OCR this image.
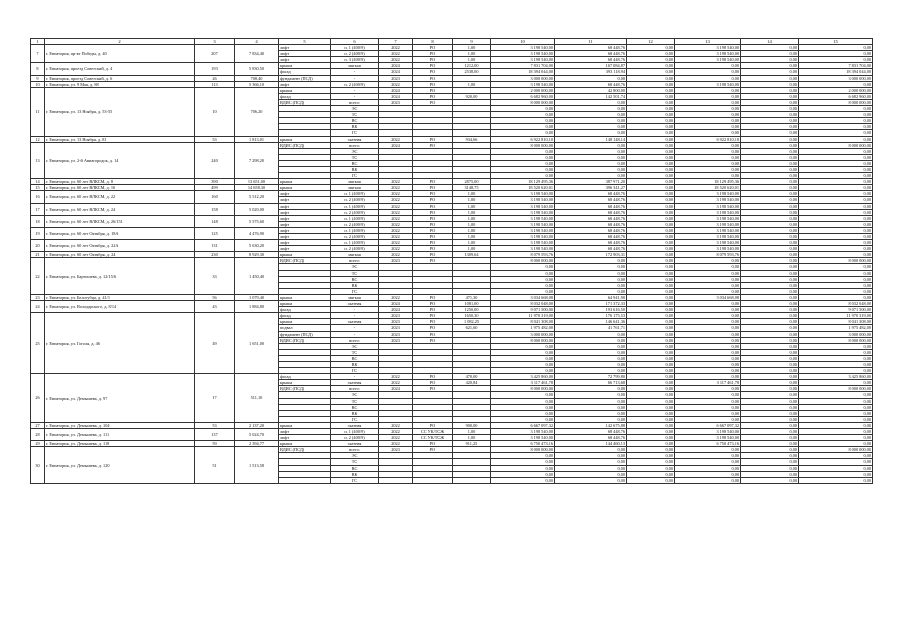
1	2	3	4	5	6	7	8	9	10	11	12	13	14	15
7	г. Евпатория, пр-кт Победы, д. 40	207	7 834,40	лифт	п. 1 (400/9)	2022	РО	1,00	3 198 540,00	68 448,76	0,00	3 198 540,00	0,00	0,00
				лифт	п. 2 (400/9)	2022	РО	1,00	3 198 540,00	68 448,76	0,00	3 198 540,00	0,00	0,00
				лифт	п. 3 (400/9)	2022	РО	1,00	3 198 540,00	68 448,76	0,00	3 198 540,00	0,00	0,00
8	г. Евпатория, проезд Советский, д. 4	193	5 830,50	крыша	мягкая	2024	РО	1212,00	7 831 704,00	167 084,87	0,00	0,00	0,00	7 831 704,00
				фасад	-	2024	РО	2538,00	18 394 044,00	393 118,94	0,00	0,00	0,00	18 394 044,00
9	г. Евпатория, проезд Советский, д. 6	26	708,40	фундамент (ПСД)	-	2023	РО		3 000 000,00	0,00	0,00	0,00	0,00	3 000 000,00
10	г. Евпатория, ул. 9 Мая, д. 88	113	5 366,10	лифт	п. 2 (400/9)	2022	РО	1,00	3 198 540,00	68 448,76	0,00	3 198 540,00	0,00	0,00
11	г. Евпатория, ул. 13 Ноября, д. 53-55	10	706,20	крыша	-	2024	РО		2 000 000,00	42 800,00	0,00	0,00	0,00	2 000 000,00
				фасад	-	2024	РО	920,00	6 682 960,00	142 501,74	0,00	0,00	0,00	6 682 960,00
				ВДИС (ПСД)	всего:	2023	РО		8 000 000,00	0,00	0,00	0,00	0,00	8 000 000,00
					ЭС				0,00	0,00	0,00	0,00	0,00	0,00
					ТС				0,00	0,00	0,00	0,00	0,00	0,00
					ВС				0,00	0,00	0,00	0,00	0,00	0,00
					ВК				0,00	0,00	0,00	0,00	0,00	0,00
					ГС				0,00	0,00	0,00	0,00	0,00	0,00
12	г. Евпатория, ул. 13 Ноября, д. 81	53	1 813,01	крыша	скатная	2022	РО	934,66	6 922 810,10	148 148,14	0,00	6 922 810,10	0,00	0,00
13	г. Евпатория, ул. 2-й Авиагородок, д. 14	240	7 298,20	ВДИС (ПСД)	всего:	2024	РО		8 000 000,00	0,00	0,00	0,00	0,00	8 000 000,00
					ЭС				0,00	0,00	0,00	0,00	0,00	0,00
					ТС				0,00	0,00	0,00	0,00	0,00	0,00
					ВС				0,00	0,00	0,00	0,00	0,00	0,00
					ВК				0,00	0,00	0,00	0,00	0,00	0,00
					ГС				0,00	0,00	0,00	0,00	0,00	0,00
14	г. Евпатория, ул. 60 лет ВЛКСМ, д. 8	390	13 651,00	крыша	мягкая	2022	РО	2875,00	18 129 495,36	387 971,20	0,00	18 129 495,36	0,00	0,00
15	г. Евпатория, ул. 60 лет ВЛКСМ, д. 16	499	14 658,30	крыша	мягкая	2022	РО	3148,75	18 520 620,01	396 341,27	0,00	18 520 620,01	0,00	0,00
16	г. Евпатория, ул. 60 лет ВЛКСМ, д. 22	160	5 512,20	лифт	п. 1 (400/9)	2022	РО	1,00	3 198 540,00	68 448,76	0,00	3 198 540,00	0,00	0,00
				лифт	п. 2 (400/9)	2022	РО	1,00	3 198 540,00	68 448,76	0,00	3 198 540,00	0,00	0,00
17	г. Евпатория, ул. 60 лет ВЛКСМ, д. 24	158	5 020,00	лифт	п. 1 (400/9)	2022	РО	1,00	3 198 540,00	68 448,76	0,00	3 198 540,00	0,00	0,00
				лифт	п. 2 (400/9)	2022	РО	1,00	3 198 540,00	68 448,76	0,00	3 198 540,00	0,00	0,00
18	г. Евпатория, ул. 60 лет ВЛКСМ, д. 26/151	148	5 575,60	лифт	п. 1 (400/9)	2022	РО	1,00	3 198 540,00	68 448,76	0,00	3 198 540,00	0,00	0,00
				лифт	п. 2 (400/9)	2022	РО	1,00	3 198 540,00	68 448,76	0,00	3 198 540,00	0,00	0,00
19	г. Евпатория, ул. 60 лет Октября, д. 18А	125	4 476,90	лифт	п. 1 (400/9)	2022	РО	1,00	3 198 540,00	68 448,76	0,00	3 198 540,00	0,00	0,00
				лифт	п. 2 (400/9)	2022	РО	1,00	3 198 540,00	68 448,76	0,00	3 198 540,00	0,00	0,00
20	г. Евпатория, ул. 60 лет Октября, д. 22А	131	5 630,20	лифт	п. 1 (400/9)	2022	РО	1,00	3 198 540,00	68 448,76	0,00	3 198 540,00	0,00	0,00
				лифт	п. 2 (400/9)	2022	РО	1,00	3 198 540,00	68 448,76	0,00	3 198 540,00	0,00	0,00
21	г. Евпатория, ул. 60 лет Октября, д. 24	230	8 929,30	крыша	мягкая	2022	РО	1309,64	8 079 593,76	172 903,31	0,00	8 079 593,76	0,00	0,00
22	г. Евпатория, ул. Бартошева, д. 12/15/6	33	1 450,40	ВДИС (ПСД)	всего:	2023	РО		8 000 000,00	0,00	0,00	0,00	0,00	8 000 000,00
					ЭС				0,00	0,00	0,00	0,00	0,00	0,00
					ТС				0,00	0,00	0,00	0,00	0,00	0,00
					ВС				0,00	0,00	0,00	0,00	0,00	0,00
					ВК				0,00	0,00	0,00	0,00	0,00	0,00
					ГС				0,00	0,00	0,00	0,00	0,00	0,00
23	г. Евпатория, ул. Белогубца, д. 41/1	56	1 079,40	крыша	мягкая	2022	РО	471,30	3 034 668,08	64 941,90	0,00	3 034 668,08	0,00	0,00
24	г. Евпатория, ул. Володарского, д. 8/14	43	1 884,80	крыша	скатная	2024	РО	1081,00	8 032 048,00	171 372,33	0,00	0,00	0,00	8 032 048,00
				фасад	-	2024	РО	1250,00	9 071 500,00	193 616,50	0,00	0,00	0,00	9 071 500,00
25	г. Евпатория, ул. Гоголя, д. 46	49	1 651,00	фасад	-	2023	РО	1650,30	11 970 319,00	176 175,53	0,00	0,00	0,00	11 970 319,00
				крыша	скатная	2023	РО	1 082,25	8 041 308,00	146 641,36	0,00	0,00	0,00	8 041 308,00
				подвал	-	2023	РО	621,60	1 975 482,00	41 761,71	0,00	0,00	0,00	1 975 482,00
				фундамент (ПСД)	-	2023	РО		3 000 000,00	0,00	0,00	0,00	0,00	3 000 000,00
				ВДИС (ПСД)	всего:	2023	РО		8 000 000,00	0,00	0,00	0,00	0,00	8 000 000,00
					ЭС				0,00	0,00	0,00	0,00	0,00	0,00
					ТС				0,00	0,00	0,00	0,00	0,00	0,00
					ВС				0,00	0,00	0,00	0,00	0,00	0,00
					ВК				0,00	0,00	0,00	0,00	0,00	0,00
					ГС				0,00	0,00	0,00	0,00	0,00	0,00
26	г. Евпатория, ул. Демышева, д. 97	17	511,10	фасад	-	2022	РО	470,00	3 425 860,00	72 799,80	0,00	0,00	0,00	3 425 860,00
				крыша	скатная	2022	РО	420,84	3 117 461,78	66 713,68	0,00	3 117 461,78	0,00	0,00
				ВДИС (ПСД)	всего:	2024	РО		8 000 000,00	0,00	0,00	0,00	0,00	8 000 000,00
					ЭС				0,00	0,00	0,00	0,00	0,00	0,00
					ТС				0,00	0,00	0,00	0,00	0,00	0,00
					ВС				0,00	0,00	0,00	0,00	0,00	0,00
					ВК				0,00	0,00	0,00	0,00	0,00	0,00
					ГС				0,00	0,00	0,00	0,00	0,00	0,00
27	г. Евпатория, ул. Демышева, д. 104	53	2 137,20	крыша	скатная	2022	РО	900,00	6 667 097,32	142 675,88	0,00	6 667 097,32	0,00	0,00
28	г. Евпатория, ул. Демышева, д. 111	137	5 024,70	лифт	п. 1 (400/9)	2022	СС УК/ТСЖ	1,00	3 198 540,00	68 448,76	0,00	3 198 540,00	0,00	0,00
				лифт	п. 2 (400/9)	2022	СС УК/ТСЖ	1,00	3 198 540,00	68 448,76	0,00	3 198 540,00	0,00	0,00
29	г. Евпатория, ул. Демышева, д. 118	59	2 394,77	крыша	скатная	2022	РО	911,25	6 750 473,16	144 460,13	0,00	6 750 473,16	0,00	0,00
30	г. Евпатория, ул. Демышева, д. 120	51	1 513,58	ВДИС (ПСД)	всего:	2023	РО		8 000 000,00	0,00	0,00	0,00	0,00	8 000 000,00
					ЭС				0,00	0,00	0,00	0,00	0,00	0,00
					ТС				0,00	0,00	0,00	0,00	0,00	0,00
					ВС				0,00	0,00	0,00	0,00	0,00	0,00
					ВК				0,00	0,00	0,00	0,00	0,00	0,00
					ГС				0,00	0,00	0,00	0,00	0,00	0,00
